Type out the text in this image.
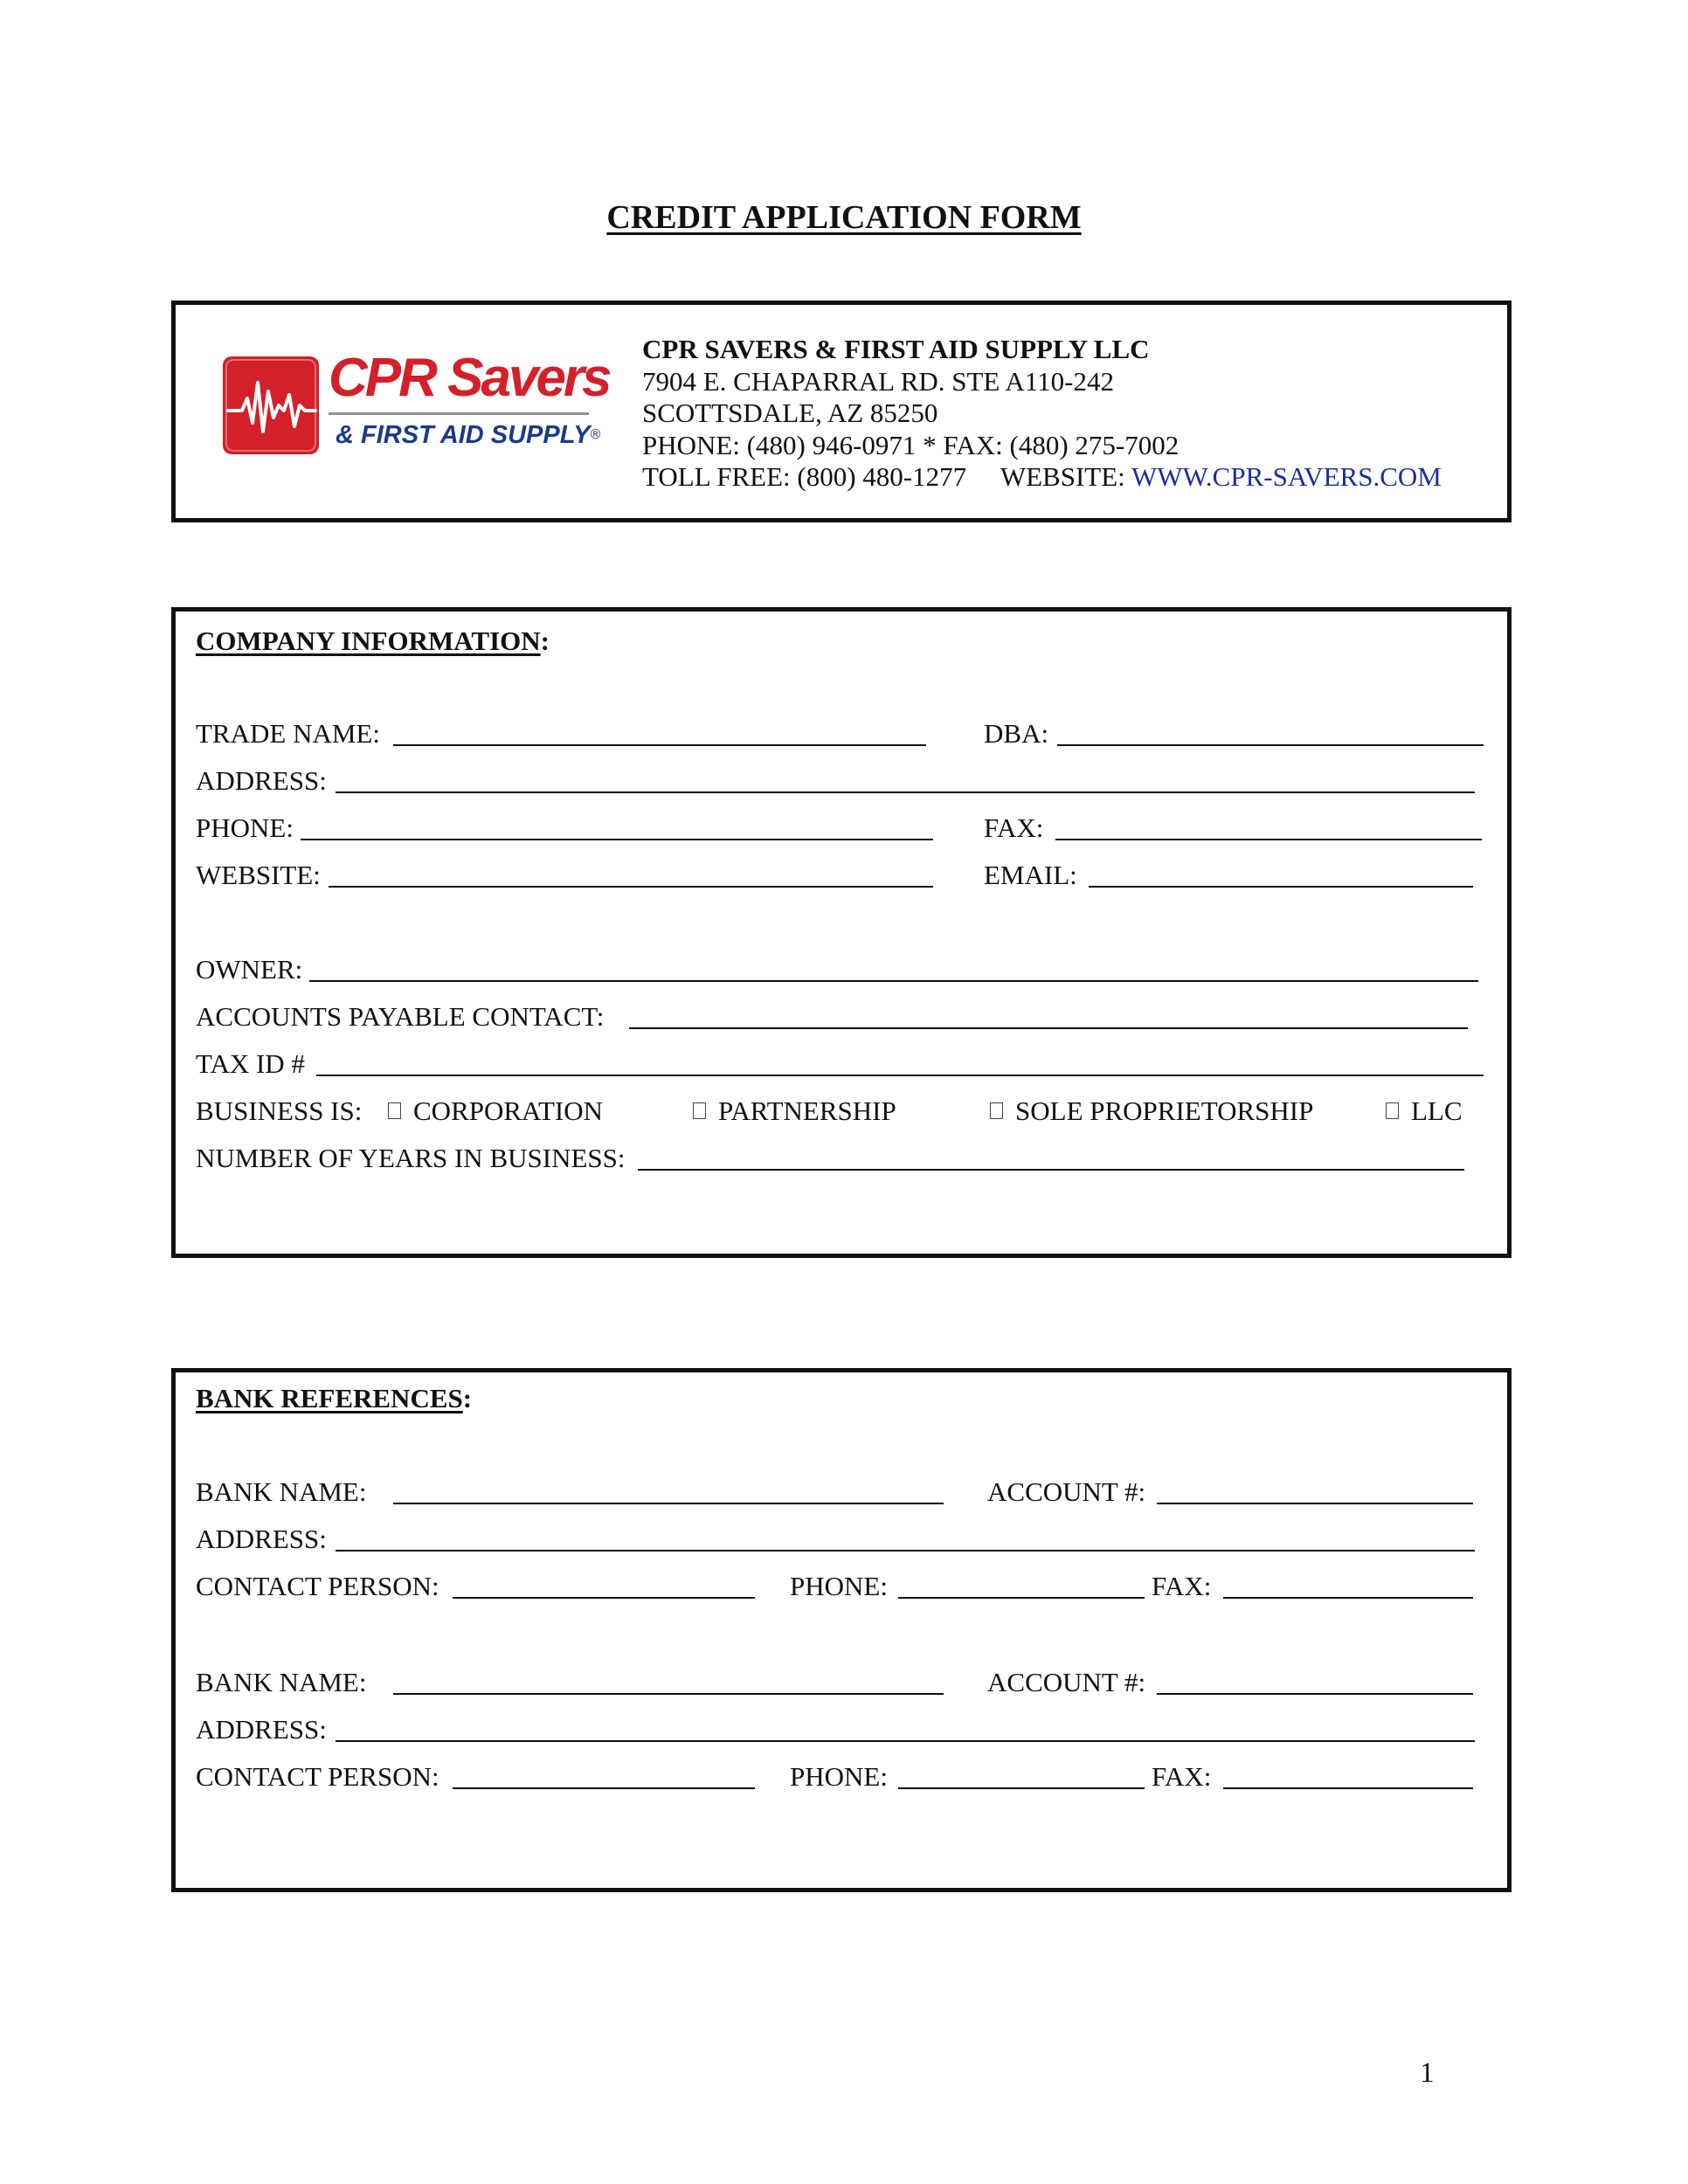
CREDIT APPLICATION FORM
CPR Savers
& FIRST AID SUPPLY®
CPR SAVERS & FIRST AID SUPPLY LLC
7904 E. CHAPARRAL RD. STE A110-242
SCOTTSDALE, AZ 85250
PHONE: (480) 946-0971 * FAX: (480) 275-7002
TOLL FREE: (800) 480-1277 WEBSITE: WWW.CPR-SAVERS.COM
COMPANY INFORMATION:
TRADE NAME:	DBA:
ADDRESS:
PHONE:	FAX:
WEBSITE:	EMAIL:
OWNER:
ACCOUNTS PAYABLE CONTACT:
TAX ID #
BUSINESS IS:	CORPORATION	PARTNERSHIP	SOLE PROPRIETORSHIP	LLC
NUMBER OF YEARS IN BUSINESS:
BANK REFERENCES:
BANK NAME:	ACCOUNT #:
ADDRESS:
CONTACT PERSON:	PHONE:	FAX:
BANK NAME:	ACCOUNT #:
ADDRESS:
CONTACT PERSON:	PHONE:	FAX:
1
